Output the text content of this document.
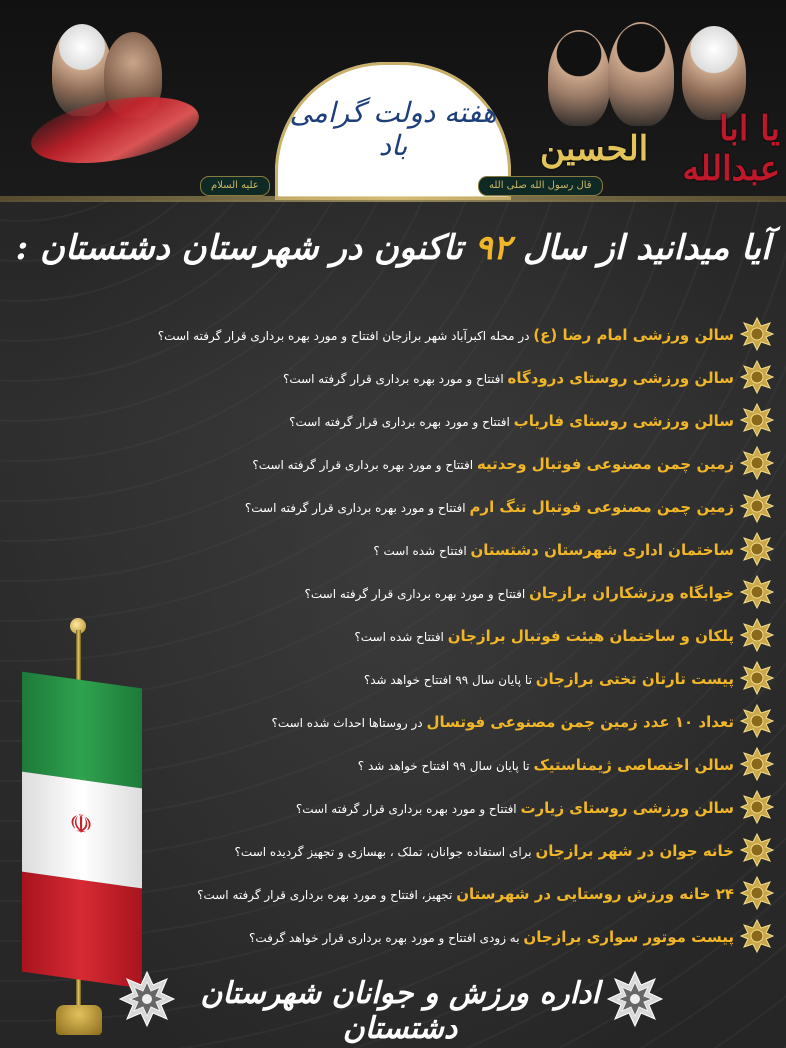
هفته دولت گرامی باد
علیه السلام	قال رسول الله صلی الله
یا ابا عبدالله

الحسین
آیا میدانید از سال ۹۲ تاکنون در شهرستان دشتستان :
سالن ورزشی امام رضا (ع) در محله اکبرآباد شهر برازجان افتتاح و مورد بهره برداری قرار گرفته است؟
سالن ورزشی روستای درودگاه افتتاح و مورد بهره برداری قرار گرفته است؟
سالن ورزشی روستای فاریاب افتتاح و مورد بهره برداری قرار گرفته است؟
زمین چمن مصنوعی فوتبال وحدتیه افتتاح و مورد بهره برداری قرار گرفته است؟
زمین چمن مصنوعی فوتبال تنگ ارم افتتاح و مورد بهره برداری قرار گرفته است؟
ساختمان اداری شهرستان دشتستان افتتاح شده است ؟
خوابگاه ورزشکاران برازجان افتتاح و مورد بهره برداری قرار گرفته است؟
پلکان و ساختمان هیئت فوتبال برازجان افتتاح شده است؟
پیست تارتان تختی برازجان تا پایان سال ۹۹ افتتاح خواهد شد؟
تعداد ۱۰ عدد زمین چمن مصنوعی فوتسال در روستاها احداث شده است؟
سالن اختصاصی ژیمناستیک تا پایان سال ۹۹ افتتاح خواهد شد ؟
سالن ورزشی روستای زیارت افتتاح و مورد بهره برداری قرار گرفته است؟
خانه جوان در شهر برازجان برای استفاده جوانان، تملک ، بهسازی و تجهیز گردیده است؟
۲۴ خانه ورزش روستایی در شهرستان تجهیز، افتتاح و مورد بهره برداری قرار گرفته است؟
پیست موتور سواری برازجان به زودی افتتاح و مورد بهره برداری قرار خواهد گرفت؟
☫
اداره ورزش و جوانان شهرستان دشتستان
